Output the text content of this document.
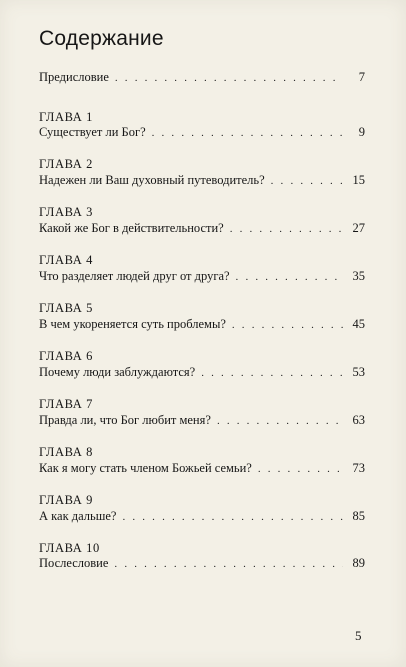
Содержание
Предисловие . . .	7
ГЛАВА 1
Существует ли Бог? . . .	9
ГЛАВА 2
Надежен ли Ваш духовный путеводитель? . . .	15
ГЛАВА 3
Какой же Бог в действительности? . . .	27
ГЛАВА 4
Что разделяет людей друг от друга? . . .	35
ГЛАВА 5
В чем укореняется суть проблемы? . . .	45
ГЛАВА 6
Почему люди заблуждаются? . . .	53
ГЛАВА 7
Правда ли, что Бог любит меня? . . .	63
ГЛАВА 8
Как я могу стать членом Божьей семьи? . . .	73
ГЛАВА 9
А как дальше? . . .	85
ГЛАВА 10
Послесловие . . .	89
5
